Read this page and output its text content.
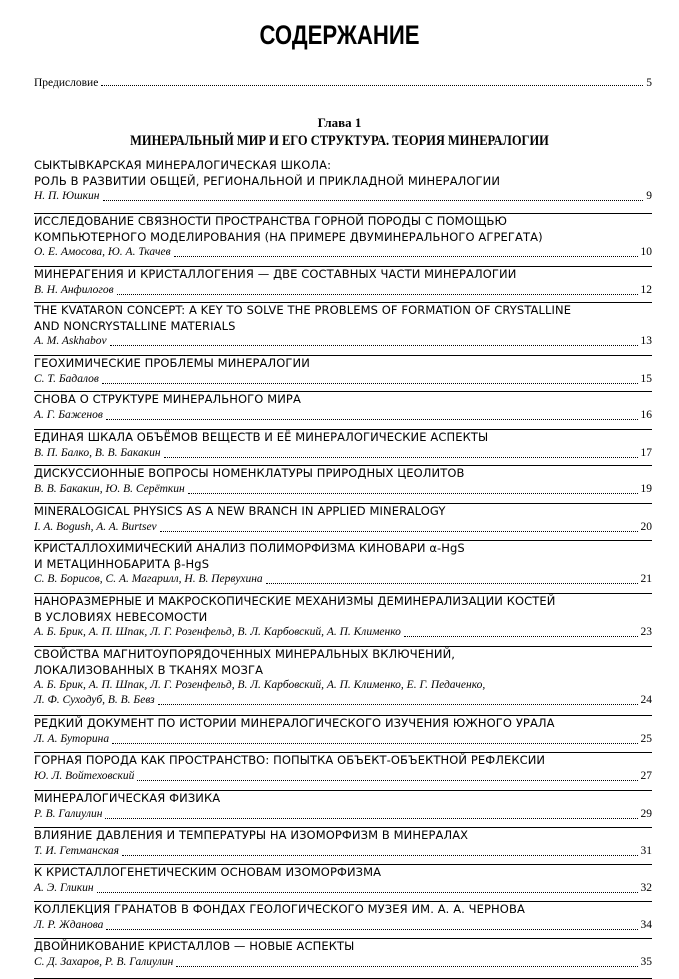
СОДЕРЖАНИЕ
Предисловие	5
Глава 1
МИНЕРАЛЬНЫЙ МИР И ЕГО СТРУКТУРА. ТЕОРИЯ МИНЕРАЛОГИИ
СЫКТЫВКАРСКАЯ МИНЕРАЛОГИЧЕСКАЯ ШКОЛА:
РОЛЬ В РАЗВИТИИ ОБЩЕЙ, РЕГИОНАЛЬНОЙ И ПРИКЛАДНОЙ МИНЕРАЛОГИИ
Н. П. Юшкин	9
ИССЛЕДОВАНИЕ СВЯЗНОСТИ ПРОСТРАНСТВА ГОРНОЙ ПОРОДЫ С ПОМОЩЬЮ
КОМПЬЮТЕРНОГО МОДЕЛИРОВАНИЯ (НА ПРИМЕРЕ ДВУМИНЕРАЛЬНОГО АГРЕГАТА)
О. Е. Амосова, Ю. А. Ткачев	10
МИНЕРАГЕНИЯ И КРИСТАЛЛОГЕНИЯ — ДВЕ СОСТАВНЫХ ЧАСТИ МИНЕРАЛОГИИ
В. Н. Анфилогов	12
THE KVATARON CONCEPT: A KEY TO SOLVE THE PROBLEMS OF FORMATION OF CRYSTALLINE
AND NONCRYSTALLINE MATERIALS
A. M. Askhabov	13
ГЕОХИМИЧЕСКИЕ ПРОБЛЕМЫ МИНЕРАЛОГИИ
С. Т. Бадалов	15
СНОВА О СТРУКТУРЕ МИНЕРАЛЬНОГО МИРА
А. Г. Баженов	16
ЕДИНАЯ ШКАЛА ОБЪЁМОВ ВЕЩЕСТВ И ЕЁ МИНЕРАЛОГИЧЕСКИЕ АСПЕКТЫ
В. П. Балко, В. В. Бакакин	17
ДИСКУССИОННЫЕ ВОПРОСЫ НОМЕНКЛАТУРЫ ПРИРОДНЫХ ЦЕОЛИТОВ
В. В. Бакакин, Ю. В. Серёткин	19
MINERALOGICAL PHYSICS AS A NEW BRANCH IN APPLIED MINERALOGY
I. A. Bogush, A. A. Burtsev	20
КРИСТАЛЛОХИМИЧЕСКИЙ АНАЛИЗ ПОЛИМОРФИЗМА КИНОВАРИ α-HgS
И МЕТАЦИННОБАРИТА β-HgS
С. В. Борисов, С. А. Магарилл, Н. В. Первухина	21
НАНОРАЗМЕРНЫЕ И МАКРОСКОПИЧЕСКИЕ МЕХАНИЗМЫ ДЕМИНЕРАЛИЗАЦИИ КОСТЕЙ
В УСЛОВИЯХ НЕВЕСОМОСТИ
А. Б. Брик, А. П. Шпак, Л. Г. Розенфельд, В. Л. Карбовский, А. П. Клименко	23
СВОЙСТВА МАГНИТОУПОРЯДОЧЕННЫХ МИНЕРАЛЬНЫХ ВКЛЮЧЕНИЙ,
ЛОКАЛИЗОВАННЫХ В ТКАНЯХ МОЗГА
А. Б. Брик, А. П. Шпак, Л. Г. Розенфельд, В. Л. Карбовский, А. П. Клименко, Е. Г. Педаченко,
Л. Ф. Суходуб, В. В. Бевз	24
РЕДКИЙ ДОКУМЕНТ ПО ИСТОРИИ МИНЕРАЛОГИЧЕСКОГО ИЗУЧЕНИЯ ЮЖНОГО УРАЛА
Л. А. Буторина	25
ГОРНАЯ ПОРОДА КАК ПРОСТРАНСТВО: ПОПЫТКА ОБЪЕКТ-ОБЪЕКТНОЙ РЕФЛЕКСИИ
Ю. Л. Войтеховский	27
МИНЕРАЛОГИЧЕСКАЯ ФИЗИКА
Р. В. Галиулин	29
ВЛИЯНИЕ ДАВЛЕНИЯ И ТЕМПЕРАТУРЫ НА ИЗОМОРФИЗМ В МИНЕРАЛАХ
Т. И. Гетманская	31
К КРИСТАЛЛОГЕНЕТИЧЕСКИМ ОСНОВАМ ИЗОМОРФИЗМА
А. Э. Гликин	32
КОЛЛЕКЦИЯ ГРАНАТОВ В ФОНДАХ ГЕОЛОГИЧЕСКОГО МУЗЕЯ ИМ. А. А. ЧЕРНОВА
Л. Р. Жданова	34
ДВОЙНИКОВАНИЕ КРИСТАЛЛОВ — НОВЫЕ АСПЕКТЫ
С. Д. Захаров, Р. В. Галиулин	35
